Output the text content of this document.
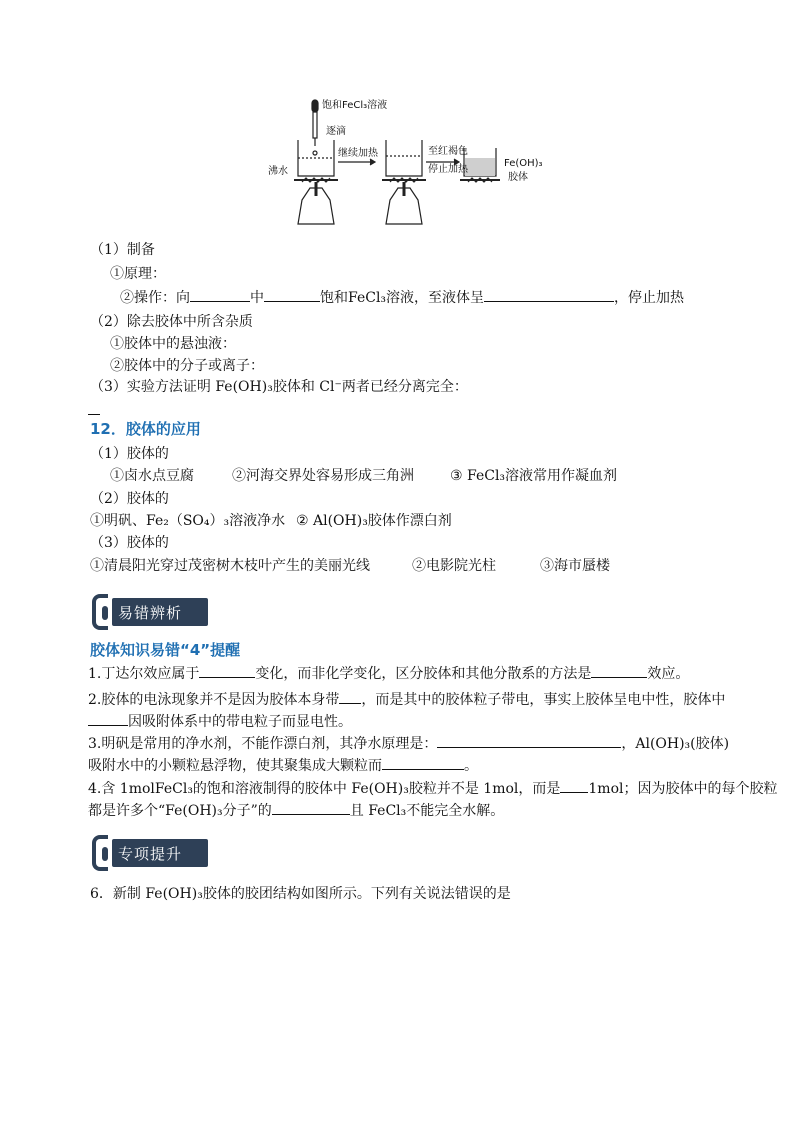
饱和FeCl₃溶液
逐滴
沸水
继续加热	至红褐色
停止加热
Fe(OH)₃
胶体
（1）制备
①原理：
②操作：向	中	饱和FeCl₃溶液，至液体呈	，停止加热
（2）除去胶体中所含杂质
①胶体中的悬浊液：
②胶体中的分子或离子：
（3）实验方法证明 Fe(OH)₃胶体和 Cl⁻两者已经分离完全：
12．胶体的应用
（1）胶体的
①卤水点豆腐	②河海交界处容易形成三角洲	③ FeCl₃溶液常用作凝血剂
（2）胶体的
①明矾、Fe₂（SO₄）₃溶液净水 ② Al(OH)₃胶体作漂白剂
（3）胶体的
①清晨阳光穿过茂密树木枝叶产生的美丽光线	②电影院光柱	③海市蜃楼
易错辨析
胶体知识易错“4”提醒
1.丁达尔效应属于	变化，而非化学变化，区分胶体和其他分散系的方法是	效应。
2.胶体的电泳现象并不是因为胶体本身带 ，而是其中的胶体粒子带电，事实上胶体呈电中性，胶体中
因吸附体系中的带电粒子而显电性。
3.明矾是常用的净水剂，不能作漂白剂，其净水原理是：	，Al(OH)₃(胶体)
吸附水中的小颗粒悬浮物，使其聚集成大颗粒而	。
4.含 1molFeCl₃的饱和溶液制得的胶体中 Fe(OH)₃胶粒并不是 1mol，而是 1mol；因为胶体中的每个胶粒
都是许多个“Fe(OH)₃分子”的	且 FeCl₃不能完全水解。
专项提升
6．新制 Fe(OH)₃胶体的胶团结构如图所示。下列有关说法错误的是
